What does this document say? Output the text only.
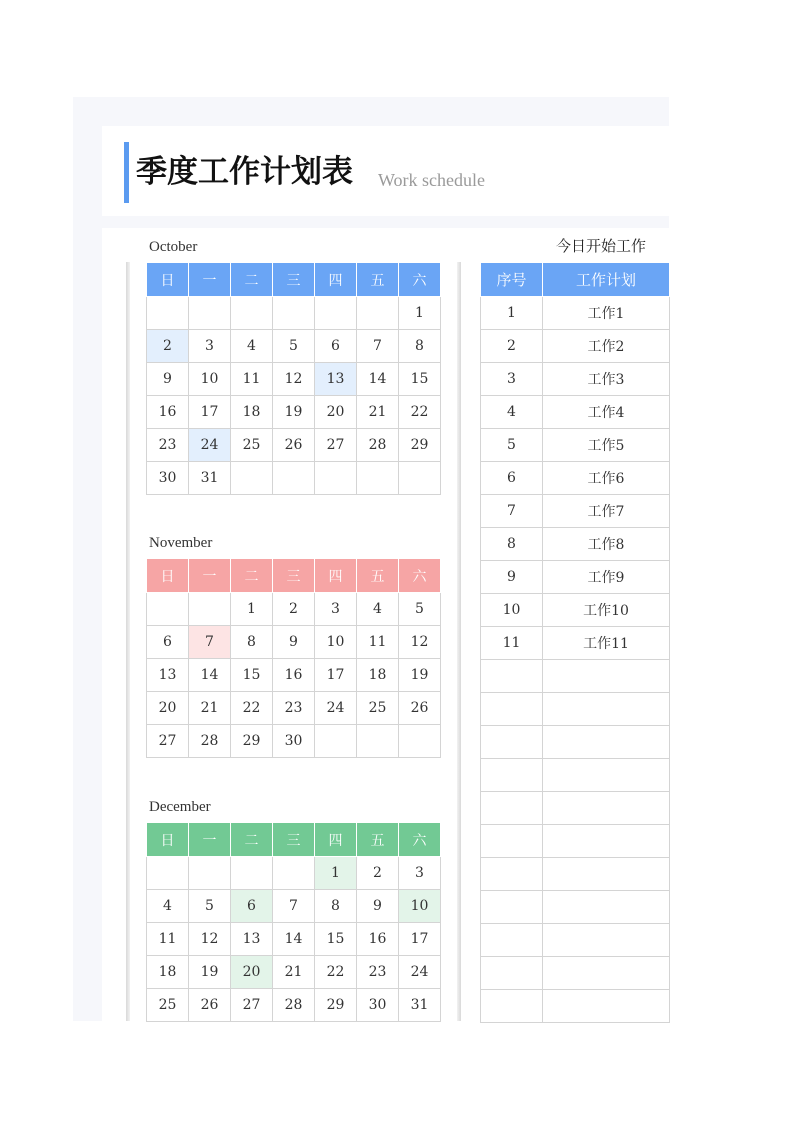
季度工作计划表 Work schedule
October
日	一	二	三	四	五	六
						1
2	3	4	5	6	7	8
9	10	11	12	13	14	15
16	17	18	19	20	21	22
23	24	25	26	27	28	29
30	31					
November
日	一	二	三	四	五	六
		1	2	3	4	5
6	7	8	9	10	11	12
13	14	15	16	17	18	19
20	21	22	23	24	25	26
27	28	29	30			
December
日	一	二	三	四	五	六
				1	2	3
4	5	6	7	8	9	10
11	12	13	14	15	16	17
18	19	20	21	22	23	24
25	26	27	28	29	30	31
今日开始工作
序号	工作计划
1	工作1
2	工作2
3	工作3
4	工作4
5	工作5
6	工作6
7	工作7
8	工作8
9	工作9
10	工作10
11	工作11
